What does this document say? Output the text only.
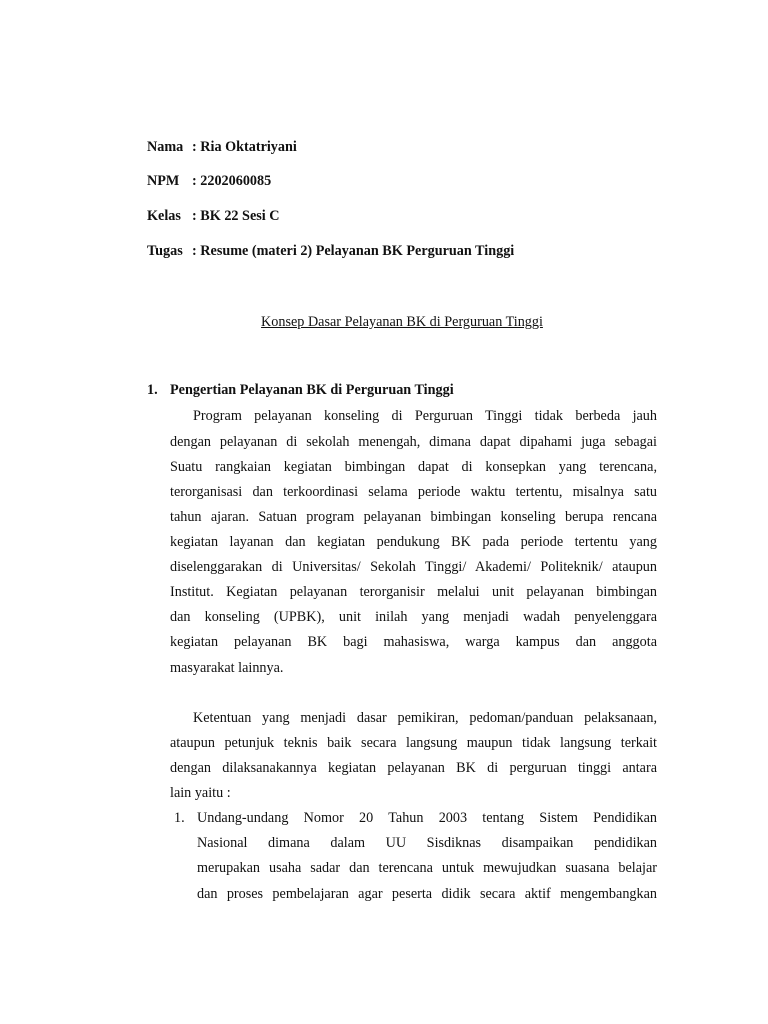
Nama : Ria Oktatriyani
NPM : 2202060085
Kelas : BK 22 Sesi C
Tugas : Resume (materi 2) Pelayanan BK Perguruan Tinggi
Konsep Dasar Pelayanan BK di Perguruan Tinggi
1. Pengertian Pelayanan BK di Perguruan Tinggi
Program pelayanan konseling di Perguruan Tinggi tidak berbeda jauh
dengan pelayanan di sekolah menengah, dimana dapat dipahami juga sebagai
Suatu rangkaian kegiatan bimbingan dapat di konsepkan yang terencana,
terorganisasi dan terkoordinasi selama periode waktu tertentu, misalnya satu
tahun ajaran. Satuan program pelayanan bimbingan konseling berupa rencana
kegiatan layanan dan kegiatan pendukung BK pada periode tertentu yang
diselenggarakan di Universitas/ Sekolah Tinggi/ Akademi/ Politeknik/ ataupun
Institut. Kegiatan pelayanan terorganisir melalui unit pelayanan bimbingan
dan konseling (UPBK), unit inilah yang menjadi wadah penyelenggara
kegiatan pelayanan BK bagi mahasiswa, warga kampus dan anggota
masyarakat lainnya.
Ketentuan yang menjadi dasar pemikiran, pedoman/panduan pelaksanaan,
ataupun petunjuk teknis baik secara langsung maupun tidak langsung terkait
dengan dilaksanakannya kegiatan pelayanan BK di perguruan tinggi antara
lain yaitu :
1. Undang-undang Nomor 20 Tahun 2003 tentang Sistem Pendidikan
Nasional dimana dalam UU Sisdiknas disampaikan pendidikan
merupakan usaha sadar dan terencana untuk mewujudkan suasana belajar
dan proses pembelajaran agar peserta didik secara aktif mengembangkan
